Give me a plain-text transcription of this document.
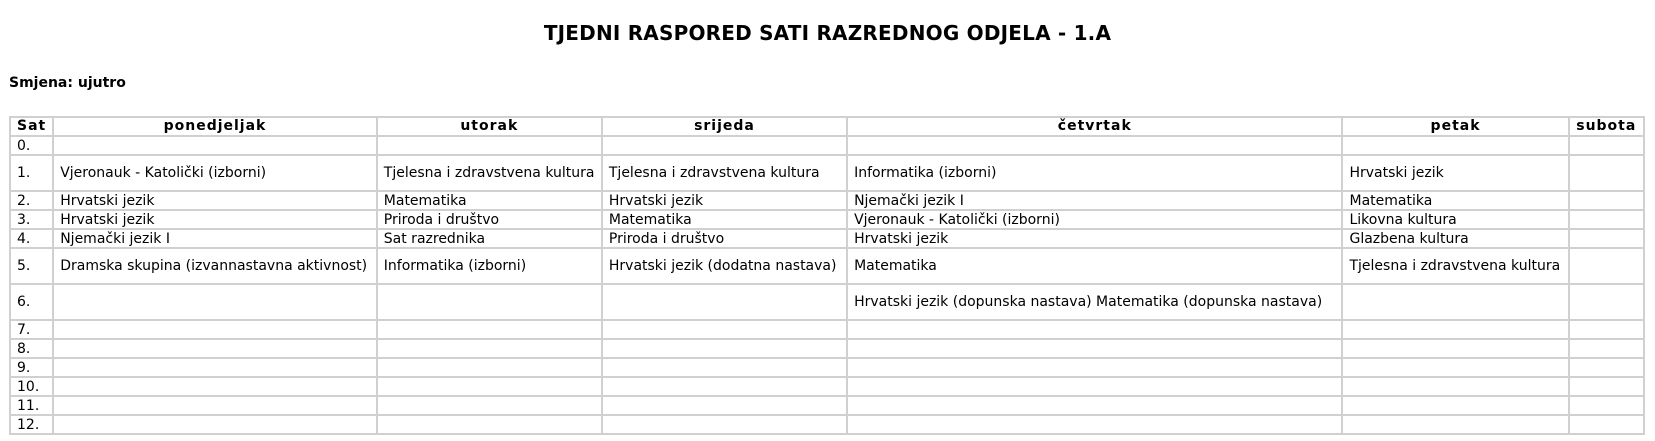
TJEDNI RASPORED SATI RAZREDNOG ODJELA - 1.A
Smjena: ujutro
Sat	ponedjeljak	utorak	srijeda	četvrtak	petak	subota
0.						
1.	Vjeronauk - Katolički (izborni)	Tjelesna i zdravstvena kultura	Tjelesna i zdravstvena kultura	Informatika (izborni)	Hrvatski jezik	
2.	Hrvatski jezik	Matematika	Hrvatski jezik	Njemački jezik I	Matematika	
3.	Hrvatski jezik	Priroda i društvo	Matematika	Vjeronauk - Katolički (izborni)	Likovna kultura	
4.	Njemački jezik I	Sat razrednika	Priroda i društvo	Hrvatski jezik	Glazbena kultura	
5.	Dramska skupina (izvannastavna aktivnost)	Informatika (izborni)	Hrvatski jezik (dodatna nastava)	Matematika	Tjelesna i zdravstvena kultura	
6.				Hrvatski jezik (dopunska nastava) Matematika (dopunska nastava)		
7.						
8.						
9.						
10.						
11.						
12.						
